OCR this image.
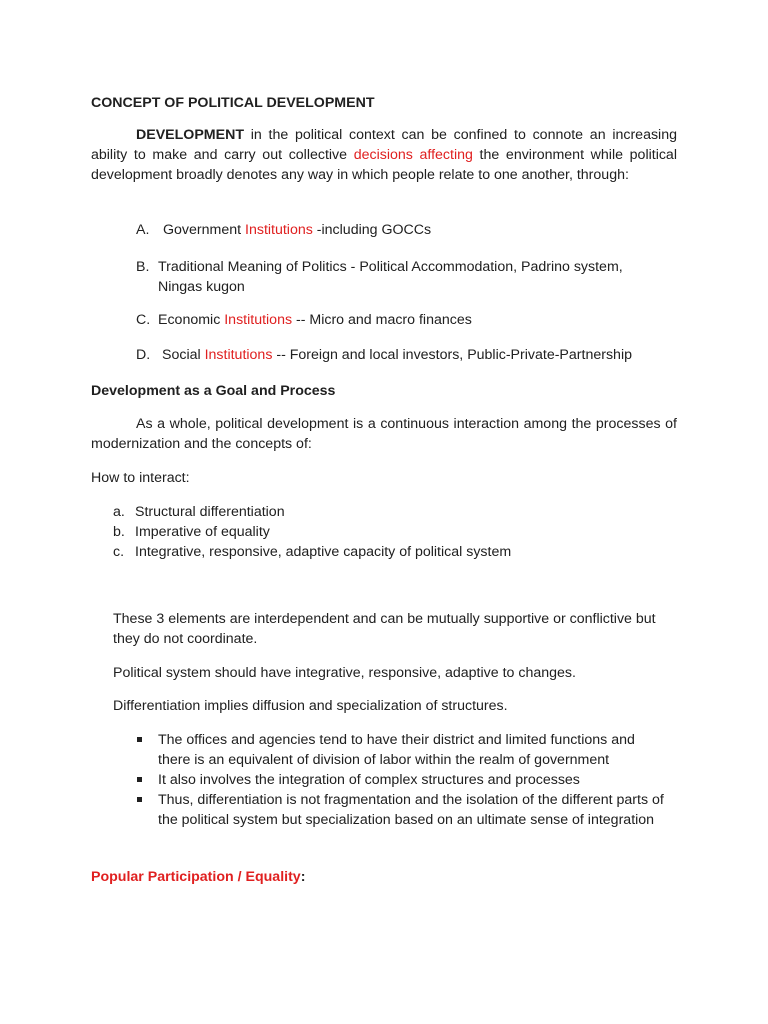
CONCEPT OF POLITICAL DEVELOPMENT
DEVELOPMENT in the political context can be confined to connote an increasing ability to make and carry out collective decisions affecting the environment while political development broadly denotes any way in which people relate to one another, through:
A. Government Institutions -including GOCCs
B. Traditional Meaning of Politics - Political Accommodation, Padrino system,
Ningas kugon
C. Economic Institutions -- Micro and macro finances
D. Social Institutions -- Foreign and local investors, Public-Private-Partnership
Development as a Goal and Process
As a whole, political development is a continuous interaction among the processes of modernization and the concepts of:
How to interact:
a. Structural differentiation
b. Imperative of equality
c. Integrative, responsive, adaptive capacity of political system
These 3 elements are interdependent and can be mutually supportive or conflictive but they do not coordinate.
Political system should have integrative, responsive, adaptive to changes.
Differentiation implies diffusion and specialization of structures.
The offices and agencies tend to have their district and limited functions and there is an equivalent of division of labor within the realm of government
It also involves the integration of complex structures and processes
Thus, differentiation is not fragmentation and the isolation of the different parts of the political system but specialization based on an ultimate sense of integration
Popular Participation / Equality:
